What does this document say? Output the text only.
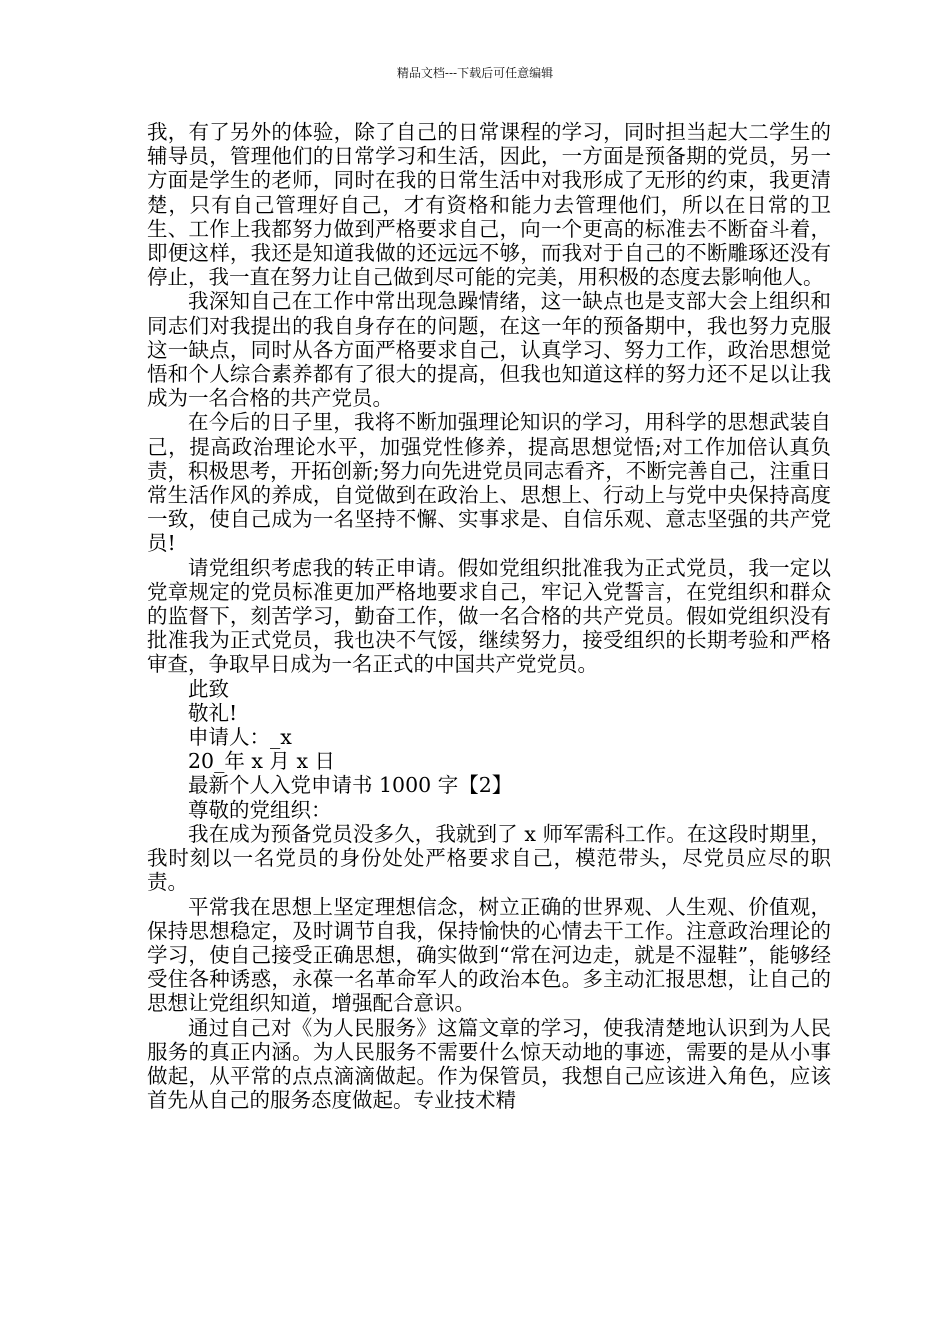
精品文档---下载后可任意编辑

我，有了另外的体验，除了自己的日常课程的学习，同时担当起大二学生的辅导员，管理他们的日常学习和生活，因此，一方面是预备期的党员，另一方面是学生的老师，同时在我的日常生活中对我形成了无形的约束，我更清楚，只有自己管理好自己，才有资格和能力去管理他们，所以在日常的卫生、工作上我都努力做到严格要求自己，向一个更高的标准去不断奋斗着，即便这样，我还是知道我做的还远远不够，而我对于自己的不断雕琢还没有停止，我一直在努力让自己做到尽可能的完美，用积极的态度去影响他人。

我深知自己在工作中常出现急躁情绪，这一缺点也是支部大会上组织和同志们对我提出的我自身存在的问题，在这一年的预备期中，我也努力克服这一缺点，同时从各方面严格要求自己，认真学习、努力工作，政治思想觉悟和个人综合素养都有了很大的提高，但我也知道这样的努力还不足以让我成为一名合格的共产党员。

在今后的日子里，我将不断加强理论知识的学习，用科学的思想武装自己，提高政治理论水平，加强党性修养，提高思想觉悟;对工作加倍认真负责，积极思考，开拓创新;努力向先进党员同志看齐，不断完善自己，注重日常生活作风的养成，自觉做到在政治上、思想上、行动上与党中央保持高度一致，使自己成为一名坚持不懈、实事求是、自信乐观、意志坚强的共产党员!

请党组织考虑我的转正申请。假如党组织批准我为正式党员，我一定以党章规定的党员标准更加严格地要求自己，牢记入党誓言，在党组织和群众的监督下，刻苦学习，勤奋工作，做一名合格的共产党员。假如党组织没有批准我为正式党员，我也决不气馁，继续努力，接受组织的长期考验和严格审查，争取早日成为一名正式的中国共产党党员。

此致

敬礼!

申请人：_x

20_年 x 月 x 日

最新个人入党申请书 1000 字【2】

尊敬的党组织：

我在成为预备党员没多久，我就到了 x 师军需科工作。在这段时期里，我时刻以一名党员的身份处处严格要求自己，模范带头，尽党员应尽的职责。

平常我在思想上坚定理想信念，树立正确的世界观、人生观、价值观，保持思想稳定，及时调节自我，保持愉快的心情去干工作。注意政治理论的学习，使自己接受正确思想，确实做到“常在河边走，就是不湿鞋”，能够经受住各种诱惑，永葆一名革命军人的政治本色。多主动汇报思想，让自己的思想让党组织知道，增强配合意识。

通过自己对《为人民服务》这篇文章的学习，使我清楚地认识到为人民服务的真正内涵。为人民服务不需要什么惊天动地的事迹，需要的是从小事做起，从平常的点点滴滴做起。作为保管员，我想自己应该进入角色，应该首先从自己的服务态度做起。专业技术精
